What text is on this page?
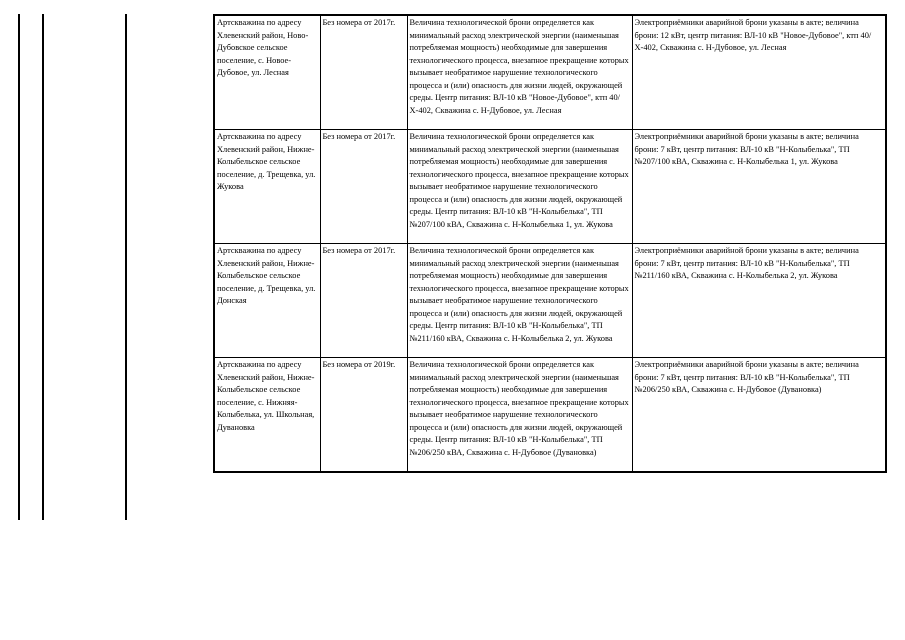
Артскважина по адресу Хлевенский район, Ново-Дубовское сельское поселение, с. Новое-Дубовое, ул. Лесная	Без номера от 2017г.	Величина технологической брони определяется как минимальный расход электрической энергии (наименьшая потребляемая мощность) необходимые для завершения технологического процесса, внезапное прекращение которых вызывает необратимое нарушение технологического процесса и (или) опасность для жизни людей, окружающей среды. Центр питания: ВЛ-10 кВ "Новое-Дубовое", ктп 40/Х-402, Скважина с. Н-Дубовое, ул. Лесная	Электроприёмники аварийной брони указаны в акте; величина брони: 12 кВт, центр питания: ВЛ-10 кВ "Новое-Дубовое", ктп 40/Х-402, Скважина с. Н-Дубовое, ул. Лесная
Артскважина по адресу Хлевенский район, Нижне-Колыбельское сельское поселение, д. Трещевка, ул. Жукова	Без номера от 2017г.	Величина технологической брони определяется как минимальный расход электрической энергии (наименьшая потребляемая мощность) необходимые для завершения технологического процесса, внезапное прекращение которых вызывает необратимое нарушение технологического процесса и (или) опасность для жизни людей, окружающей среды. Центр питания: ВЛ-10 кВ "Н-Колыбелька", ТП №207/100 кВА, Скважина с. Н-Колыбелька 1, ул. Жукова	Электроприёмники аварийной брони указаны в акте; величина брони: 7 кВт, центр питания: ВЛ-10 кВ "Н-Колыбелька", ТП №207/100 кВА, Скважина с. Н-Колыбелька 1, ул. Жукова
Артскважина по адресу Хлевенский район, Нижне-Колыбельское сельское поселение, д. Трещевка, ул. Донская	Без номера от 2017г.	Величина технологической брони определяется как минимальный расход электрической энергии (наименьшая потребляемая мощность) необходимые для завершения технологического процесса, внезапное прекращение которых вызывает необратимое нарушение технологического процесса и (или) опасность для жизни людей, окружающей среды. Центр питания: ВЛ-10 кВ "Н-Колыбелька", ТП №211/160 кВА, Скважина с. Н-Колыбелька 2, ул. Жукова	Электроприёмники аварийной брони указаны в акте; величина брони: 7 кВт, центр питания: ВЛ-10 кВ "Н-Колыбелька", ТП №211/160 кВА, Скважина с. Н-Колыбелька 2, ул. Жукова
Артскважина по адресу Хлевенский район, Нижне-Колыбельское сельское поселение, с. Нижняя-Колыбелька, ул. Школьная, Дувановка	Без номера от 2019г.	Величина технологической брони определяется как минимальный расход электрической энергии (наименьшая потребляемая мощность) необходимые для завершения технологического процесса, внезапное прекращение которых вызывает необратимое нарушение технологического процесса и (или) опасность для жизни людей, окружающей среды. Центр питания: ВЛ-10 кВ "Н-Колыбелька", ТП №206/250 кВА, Скважина с. Н-Дубовое (Дувановка)	Электроприёмники аварийной брони указаны в акте; величина брони: 7 кВт, центр питания: ВЛ-10 кВ "Н-Колыбелька", ТП №206/250 кВА, Скважина с. Н-Дубовое (Дувановка)
